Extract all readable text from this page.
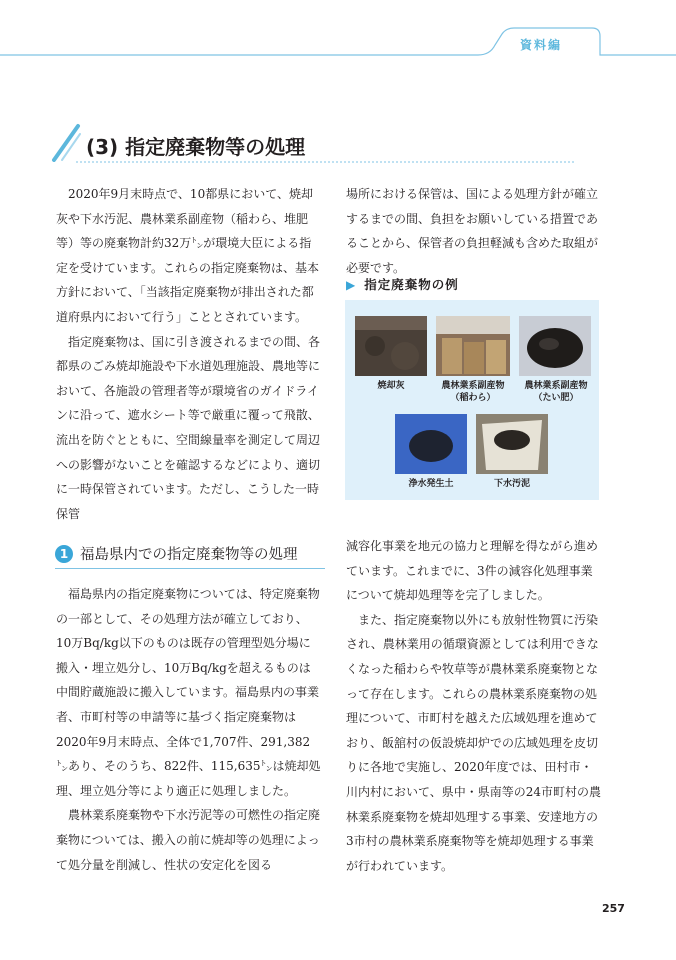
資料編
(3) 指定廃棄物等の処理

2020年9月末時点で、10都県において、焼却灰や下水汚泥、農林業系副産物（稲わら、堆肥等）等の廃棄物計約32万㌧が環境大臣による指定を受けています。これらの指定廃棄物は、基本方針において、「当該指定廃棄物が排出された都道府県内において行う」こととされています。

指定廃棄物は、国に引き渡されるまでの間、各都県のごみ焼却施設や下水道処理施設、農地等において、各施設の管理者等が環境省のガイドラインに沿って、遮水シート等で厳重に覆って飛散、流出を防ぐとともに、空間線量率を測定して周辺への影響がないことを確認するなどにより、適切に一時保管されています。ただし、こうした一時保管

場所における保管は、国による処理方針が確立するまでの間、負担をお願いしている措置であることから、保管者の負担軽減も含めた取組が必要です。

▶ 指定廃棄物の例
焼却灰	農林業系副産物
（稲わら）
農林業系副産物
（たい肥）
浄水発生土	下水汚泥
1 福島県内での指定廃棄物等の処理

福島県内の指定廃棄物については、特定廃棄物の一部として、その処理方法が確立しており、10万Bq/kg以下のものは既存の管理型処分場に搬入・埋立処分し、10万Bq/kgを超えるものは中間貯蔵施設に搬入しています。福島県内の事業者、市町村等の申請等に基づく指定廃棄物は2020年9月末時点、全体で1,707件、291,382㌧あり、そのうち、822件、115,635㌧は焼却処理、埋立処分等により適正に処理しました。

農林業系廃棄物や下水汚泥等の可燃性の指定廃棄物については、搬入の前に焼却等の処理によって処分量を削減し、性状の安定化を図る

減容化事業を地元の協力と理解を得ながら進めています。これまでに、3件の減容化処理事業について焼却処理等を完了しました。

また、指定廃棄物以外にも放射性物質に汚染され、農林業用の循環資源としては利用できなくなった稲わらや牧草等が農林業系廃棄物となって存在します。これらの農林業系廃棄物の処理について、市町村を越えた広域処理を進めており、飯舘村の仮設焼却炉での広域処理を皮切りに各地で実施し、2020年度では、田村市・川内村において、県中・県南等の24市町村の農林業系廃棄物を焼却処理する事業、安達地方の3市村の農林業系廃棄物等を焼却処理する事業が行われています。

257
